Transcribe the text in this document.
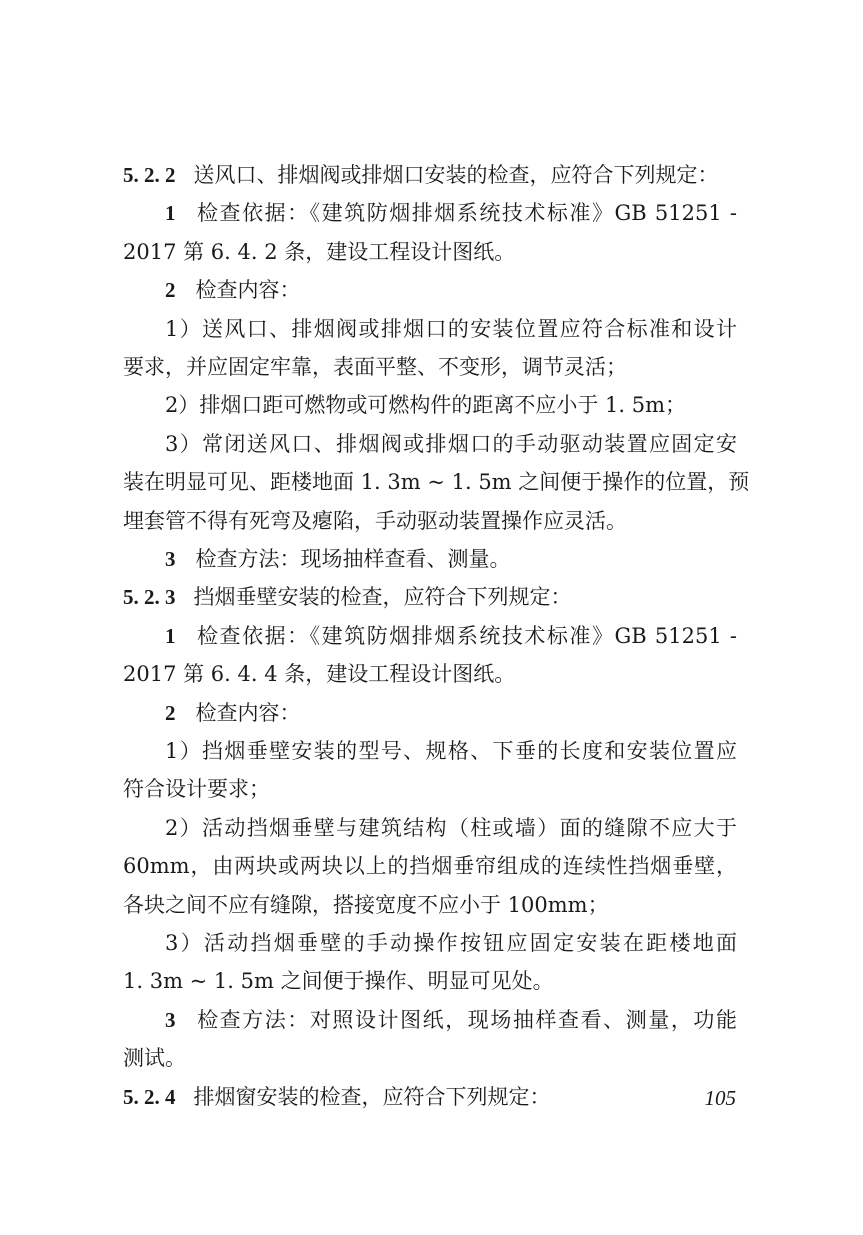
5. 2. 2 送风口、排烟阀或排烟口安装的检查，应符合下列规定：
1 检查依据：《建筑防烟排烟系统技术标准》GB 51251 -
2017 第 6. 4. 2 条，建设工程设计图纸。
2 检查内容：
1）送风口、排烟阀或排烟口的安装位置应符合标准和设计
要求，并应固定牢靠，表面平整、不变形，调节灵活；
2）排烟口距可燃物或可燃构件的距离不应小于 1. 5m；
3）常闭送风口、排烟阀或排烟口的手动驱动装置应固定安
装在明显可见、距楼地面 1. 3m ~ 1. 5m 之间便于操作的位置，预
埋套管不得有死弯及瘪陷，手动驱动装置操作应灵活。
3 检查方法：现场抽样查看、测量。
5. 2. 3 挡烟垂壁安装的检查，应符合下列规定：
1 检查依据：《建筑防烟排烟系统技术标准》GB 51251 -
2017 第 6. 4. 4 条，建设工程设计图纸。
2 检查内容：
1）挡烟垂壁安装的型号、规格、下垂的长度和安装位置应
符合设计要求；
2）活动挡烟垂壁与建筑结构（柱或墙）面的缝隙不应大于
60mm，由两块或两块以上的挡烟垂帘组成的连续性挡烟垂壁，
各块之间不应有缝隙，搭接宽度不应小于 100mm；
3）活动挡烟垂壁的手动操作按钮应固定安装在距楼地面
1. 3m ~ 1. 5m 之间便于操作、明显可见处。
3 检查方法：对照设计图纸，现场抽样查看、测量，功能
测试。
5. 2. 4 排烟窗安装的检查，应符合下列规定：	105
